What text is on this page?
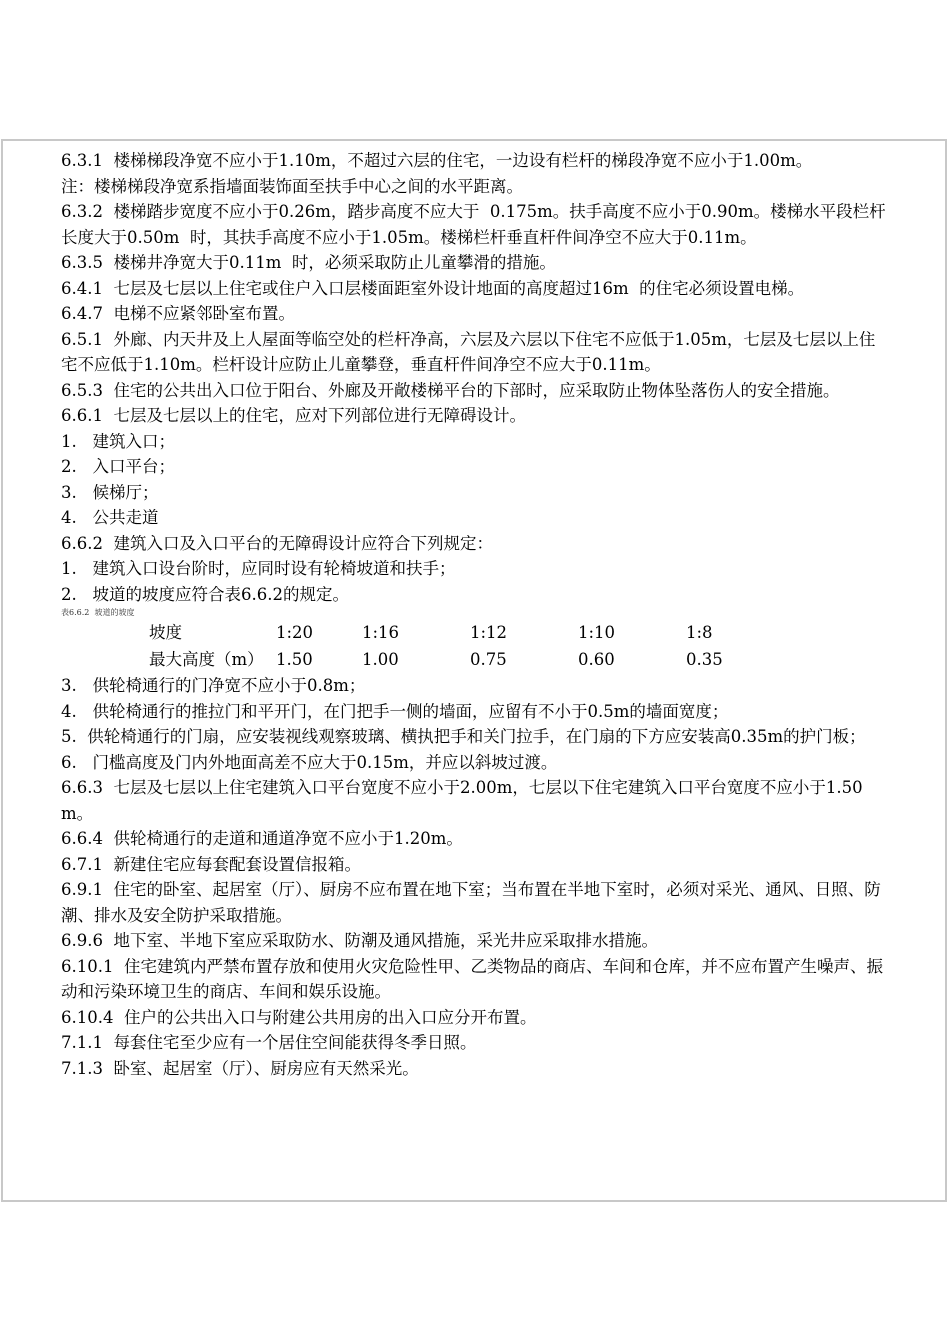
6.3.1  楼梯梯段净宽不应小于1.10m，不超过六层的住宅，一边设有栏杆的梯段净宽不应小于1.00m。

注：楼梯梯段净宽系指墙面装饰面至扶手中心之间的水平距离。

6.3.2  楼梯踏步宽度不应小于0.26m，踏步高度不应大于  0.175m。扶手高度不应小于0.90m。楼梯水平段栏杆长度大于0.50m  时，其扶手高度不应小于1.05m。楼梯栏杆垂直杆件间净空不应大于0.11m。

6.3.5  楼梯井净宽大于0.11m  时，必须采取防止儿童攀滑的措施。

6.4.1  七层及七层以上住宅或住户入口层楼面距室外设计地面的高度超过16m  的住宅必须设置电梯。

6.4.7  电梯不应紧邻卧室布置。

6.5.1  外廊、内天井及上人屋面等临空处的栏杆净高，六层及六层以下住宅不应低于1.05m，七层及七层以上住宅不应低于1.10m。栏杆设计应防止儿童攀登，垂直杆件间净空不应大于0.11m。

6.5.3  住宅的公共出入口位于阳台、外廊及开敞楼梯平台的下部时，应采取防止物体坠落伤人的安全措施。

6.6.1  七层及七层以上的住宅，应对下列部位进行无障碍设计。

1.   建筑入口；

2.   入口平台；

3.   候梯厅；

4.   公共走道

6.6.2  建筑入口及入口平台的无障碍设计应符合下列规定：

1.   建筑入口设台阶时，应同时设有轮椅坡道和扶手；

2.   坡道的坡度应符合表6.6.2的规定。

表6.6.2  坡道的坡度

坡度	1:20	1:16	1:12	1:10	1:8
最大高度（m）	1.50	1.00	0.75	0.60	0.35

3.   供轮椅通行的门净宽不应小于0.8m；

4.   供轮椅通行的推拉门和平开门，在门把手一侧的墙面，应留有不小于0.5m的墙面宽度；

5.  供轮椅通行的门扇，应安装视线观察玻璃、横执把手和关门拉手，在门扇的下方应安装高0.35m的护门板；

6.   门槛高度及门内外地面高差不应大于0.15m，并应以斜坡过渡。

6.6.3  七层及七层以上住宅建筑入口平台宽度不应小于2.00m，七层以下住宅建筑入口平台宽度不应小于1.50m。

6.6.4  供轮椅通行的走道和通道净宽不应小于1.20m。

6.7.1  新建住宅应每套配套设置信报箱。

6.9.1  住宅的卧室、起居室（厅）、厨房不应布置在地下室；当布置在半地下室时，必须对采光、通风、日照、防潮、排水及安全防护采取措施。

6.9.6  地下室、半地下室应采取防水、防潮及通风措施，采光井应采取排水措施。

6.10.1  住宅建筑内严禁布置存放和使用火灾危险性甲、乙类物品的商店、车间和仓库，并不应布置产生噪声、振动和污染环境卫生的商店、车间和娱乐设施。

6.10.4  住户的公共出入口与附建公共用房的出入口应分开布置。

7.1.1  每套住宅至少应有一个居住空间能获得冬季日照。

7.1.3  卧室、起居室（厅）、厨房应有天然采光。
